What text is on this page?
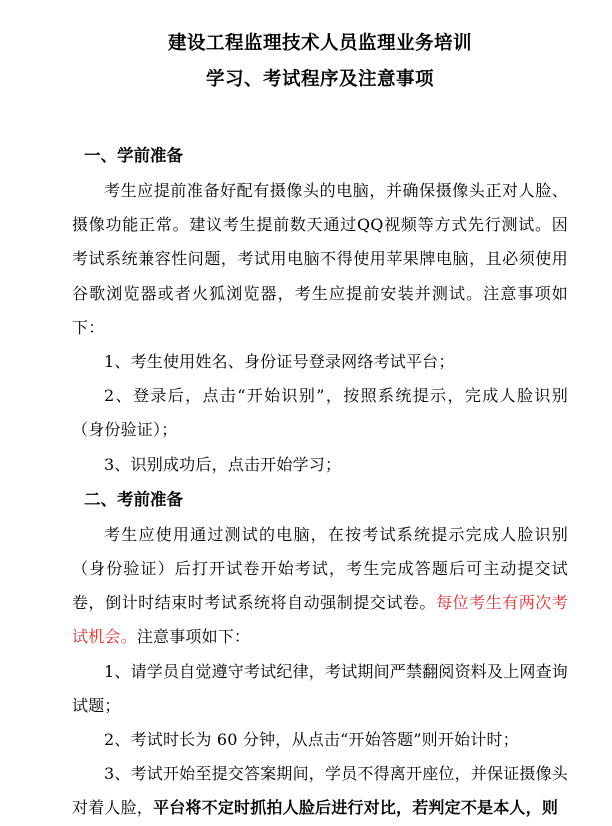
建设工程监理技术人员监理业务培训

学习、考试程序及注意事项

一、学前准备

考生应提前准备好配有摄像头的电脑，并确保摄像头正对人脸、摄像功能正常。建议考生提前数天通过QQ视频等方式先行测试。因考试系统兼容性问题，考试用电脑不得使用苹果牌电脑，且必须使用谷歌浏览器或者火狐浏览器，考生应提前安装并测试。注意事项如下：

1、考生使用姓名、身份证号登录网络考试平台；

2、登录后，点击“开始识别”，按照系统提示，完成人脸识别（身份验证）；

3、识别成功后，点击开始学习；

二、考前准备

考生应使用通过测试的电脑，在按考试系统提示完成人脸识别（身份验证）后打开试卷开始考试，考生完成答题后可主动提交试卷，倒计时结束时考试系统将自动强制提交试卷。每位考生有两次考试机会。注意事项如下：

1、请学员自觉遵守考试纪律，考试期间严禁翻阅资料及上网查询试题；

2、考试时长为 60 分钟，从点击“开始答题”则开始计时；

3、考试开始至提交答案期间，学员不得离开座位，并保证摄像头对着人脸，平台将不定时抓拍人脸后进行对比，若判定不是本人，则
